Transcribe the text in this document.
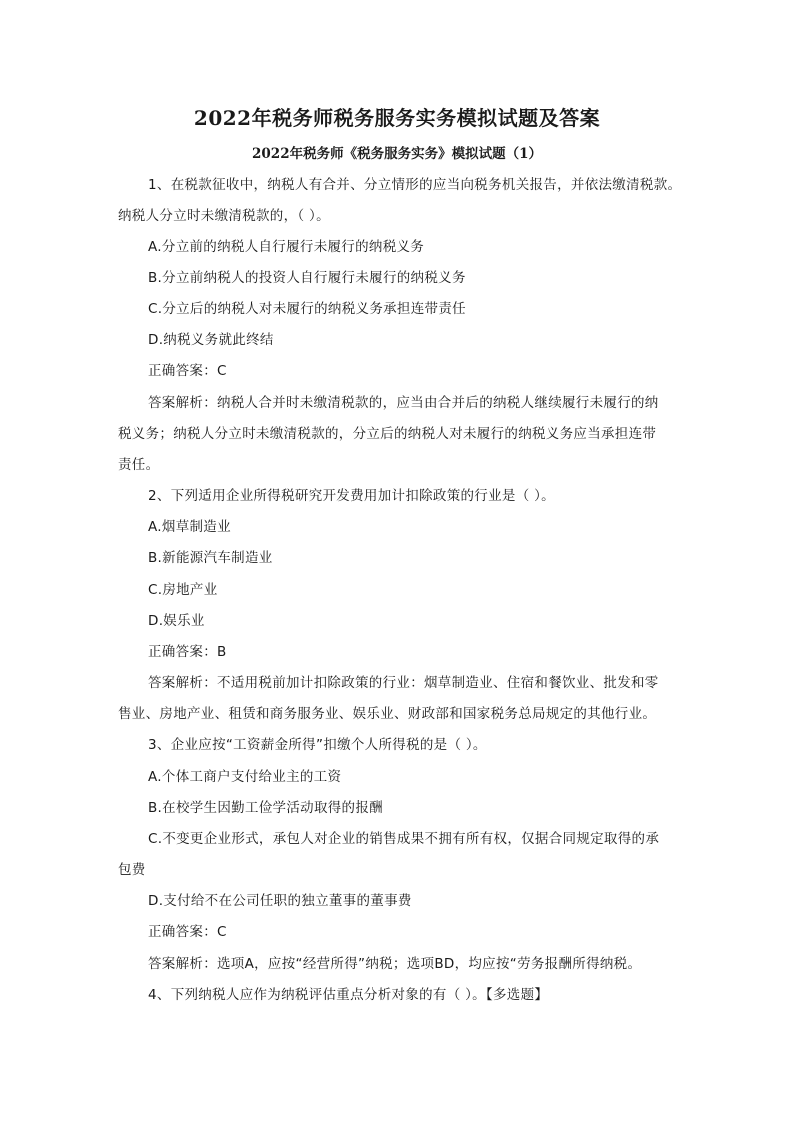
2022年税务师税务服务实务模拟试题及答案
2022年税务师《税务服务实务》模拟试题（1）
1、在税款征收中，纳税人有合并、分立情形的应当向税务机关报告，并依法缴清税款。
纳税人分立时未缴清税款的，（ ）。
A.分立前的纳税人自行履行未履行的纳税义务
B.分立前纳税人的投资人自行履行未履行的纳税义务
C.分立后的纳税人对未履行的纳税义务承担连带责任
D.纳税义务就此终结
正确答案：C
答案解析：纳税人合并时未缴清税款的，应当由合并后的纳税人继续履行未履行的纳
税义务；纳税人分立时未缴清税款的，分立后的纳税人对未履行的纳税义务应当承担连带
责任。
2、下列适用企业所得税研究开发费用加计扣除政策的行业是（ ）。
A.烟草制造业
B.新能源汽车制造业
C.房地产业
D.娱乐业
正确答案：B
答案解析：不适用税前加计扣除政策的行业：烟草制造业、住宿和餐饮业、批发和零
售业、房地产业、租赁和商务服务业、娱乐业、财政部和国家税务总局规定的其他行业。
3、企业应按“工资薪金所得”扣缴个人所得税的是（ ）。
A.个体工商户支付给业主的工资
B.在校学生因勤工俭学活动取得的报酬
C.不变更企业形式，承包人对企业的销售成果不拥有所有权，仅据合同规定取得的承
包费
D.支付给不在公司任职的独立董事的董事费
正确答案：C
答案解析：选项A，应按“经营所得”纳税；选项BD，均应按“劳务报酬所得纳税。
4、下列纳税人应作为纳税评估重点分析对象的有（ ）。【多选题】
